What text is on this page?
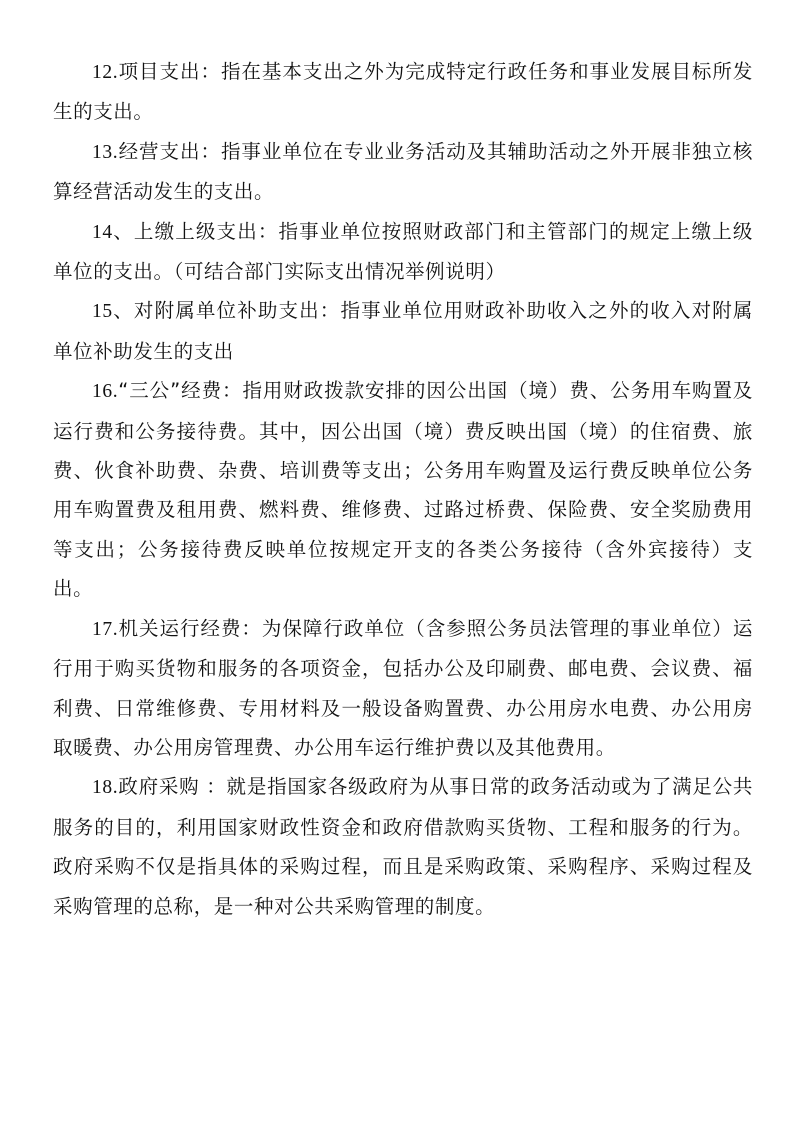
12.项目支出：指在基本支出之外为完成特定行政任务和事业发展目标所发生的支出。

13.经营支出：指事业单位在专业业务活动及其辅助活动之外开展非独立核算经营活动发生的支出。

14、上缴上级支出：指事业单位按照财政部门和主管部门的规定上缴上级单位的支出。（可结合部门实际支出情况举例说明）

15、对附属单位补助支出：指事业单位用财政补助收入之外的收入对附属单位补助发生的支出

16.“三公”经费：指用财政拨款安排的因公出国（境）费、公务用车购置及运行费和公务接待费。其中，因公出国（境）费反映出国（境）的住宿费、旅费、伙食补助费、杂费、培训费等支出；公务用车购置及运行费反映单位公务用车购置费及租用费、燃料费、维修费、过路过桥费、保险费、安全奖励费用等支出；公务接待费反映单位按规定开支的各类公务接待（含外宾接待）支出。

17.机关运行经费：为保障行政单位（含参照公务员法管理的事业单位）运行用于购买货物和服务的各项资金，包括办公及印刷费、邮电费、会议费、福利费、日常维修费、专用材料及一般设备购置费、办公用房水电费、办公用房取暖费、办公用房管理费、办公用车运行维护费以及其他费用。

18.政府采购 ：就是指国家各级政府为从事日常的政务活动或为了满足公共服务的目的，利用国家财政性资金和政府借款购买货物、工程和服务的行为。政府采购不仅是指具体的采购过程，而且是采购政策、采购程序、采购过程及采购管理的总称，是一种对公共采购管理的制度。
